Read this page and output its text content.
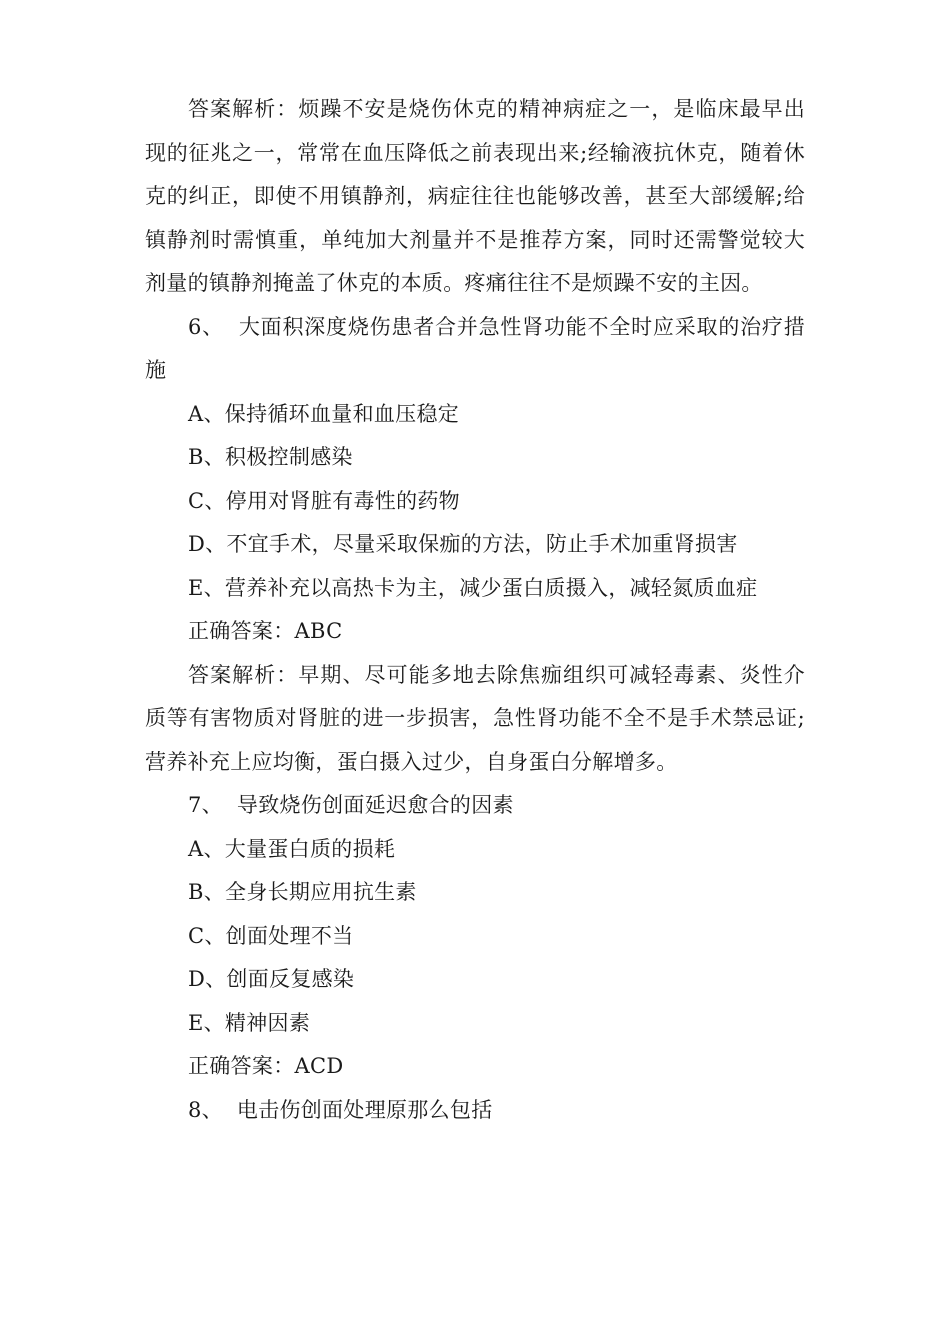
答案解析：烦躁不安是烧伤休克的精神病症之一，是临床最早出现的征兆之一，常常在血压降低之前表现出来;经输液抗休克，随着休克的纠正，即使不用镇静剂，病症往往也能够改善，甚至大部缓解;给镇静剂时需慎重，单纯加大剂量并不是推荐方案，同时还需警觉较大剂量的镇静剂掩盖了休克的本质。疼痛往往不是烦躁不安的主因。

6、  大面积深度烧伤患者合并急性肾功能不全时应采取的治疗措施

A、保持循环血量和血压稳定

B、积极控制感染

C、停用对肾脏有毒性的药物

D、不宜手术，尽量采取保痂的方法，防止手术加重肾损害

E、营养补充以高热卡为主，减少蛋白质摄入，减轻氮质血症

正确答案：ABC

答案解析：早期、尽可能多地去除焦痂组织可减轻毒素、炎性介质等有害物质对肾脏的进一步损害，急性肾功能不全不是手术禁忌证;营养补充上应均衡，蛋白摄入过少，自身蛋白分解增多。

7、  导致烧伤创面延迟愈合的因素

A、大量蛋白质的损耗

B、全身长期应用抗生素

C、创面处理不当

D、创面反复感染

E、精神因素

正确答案：ACD

8、  电击伤创面处理原那么包括
